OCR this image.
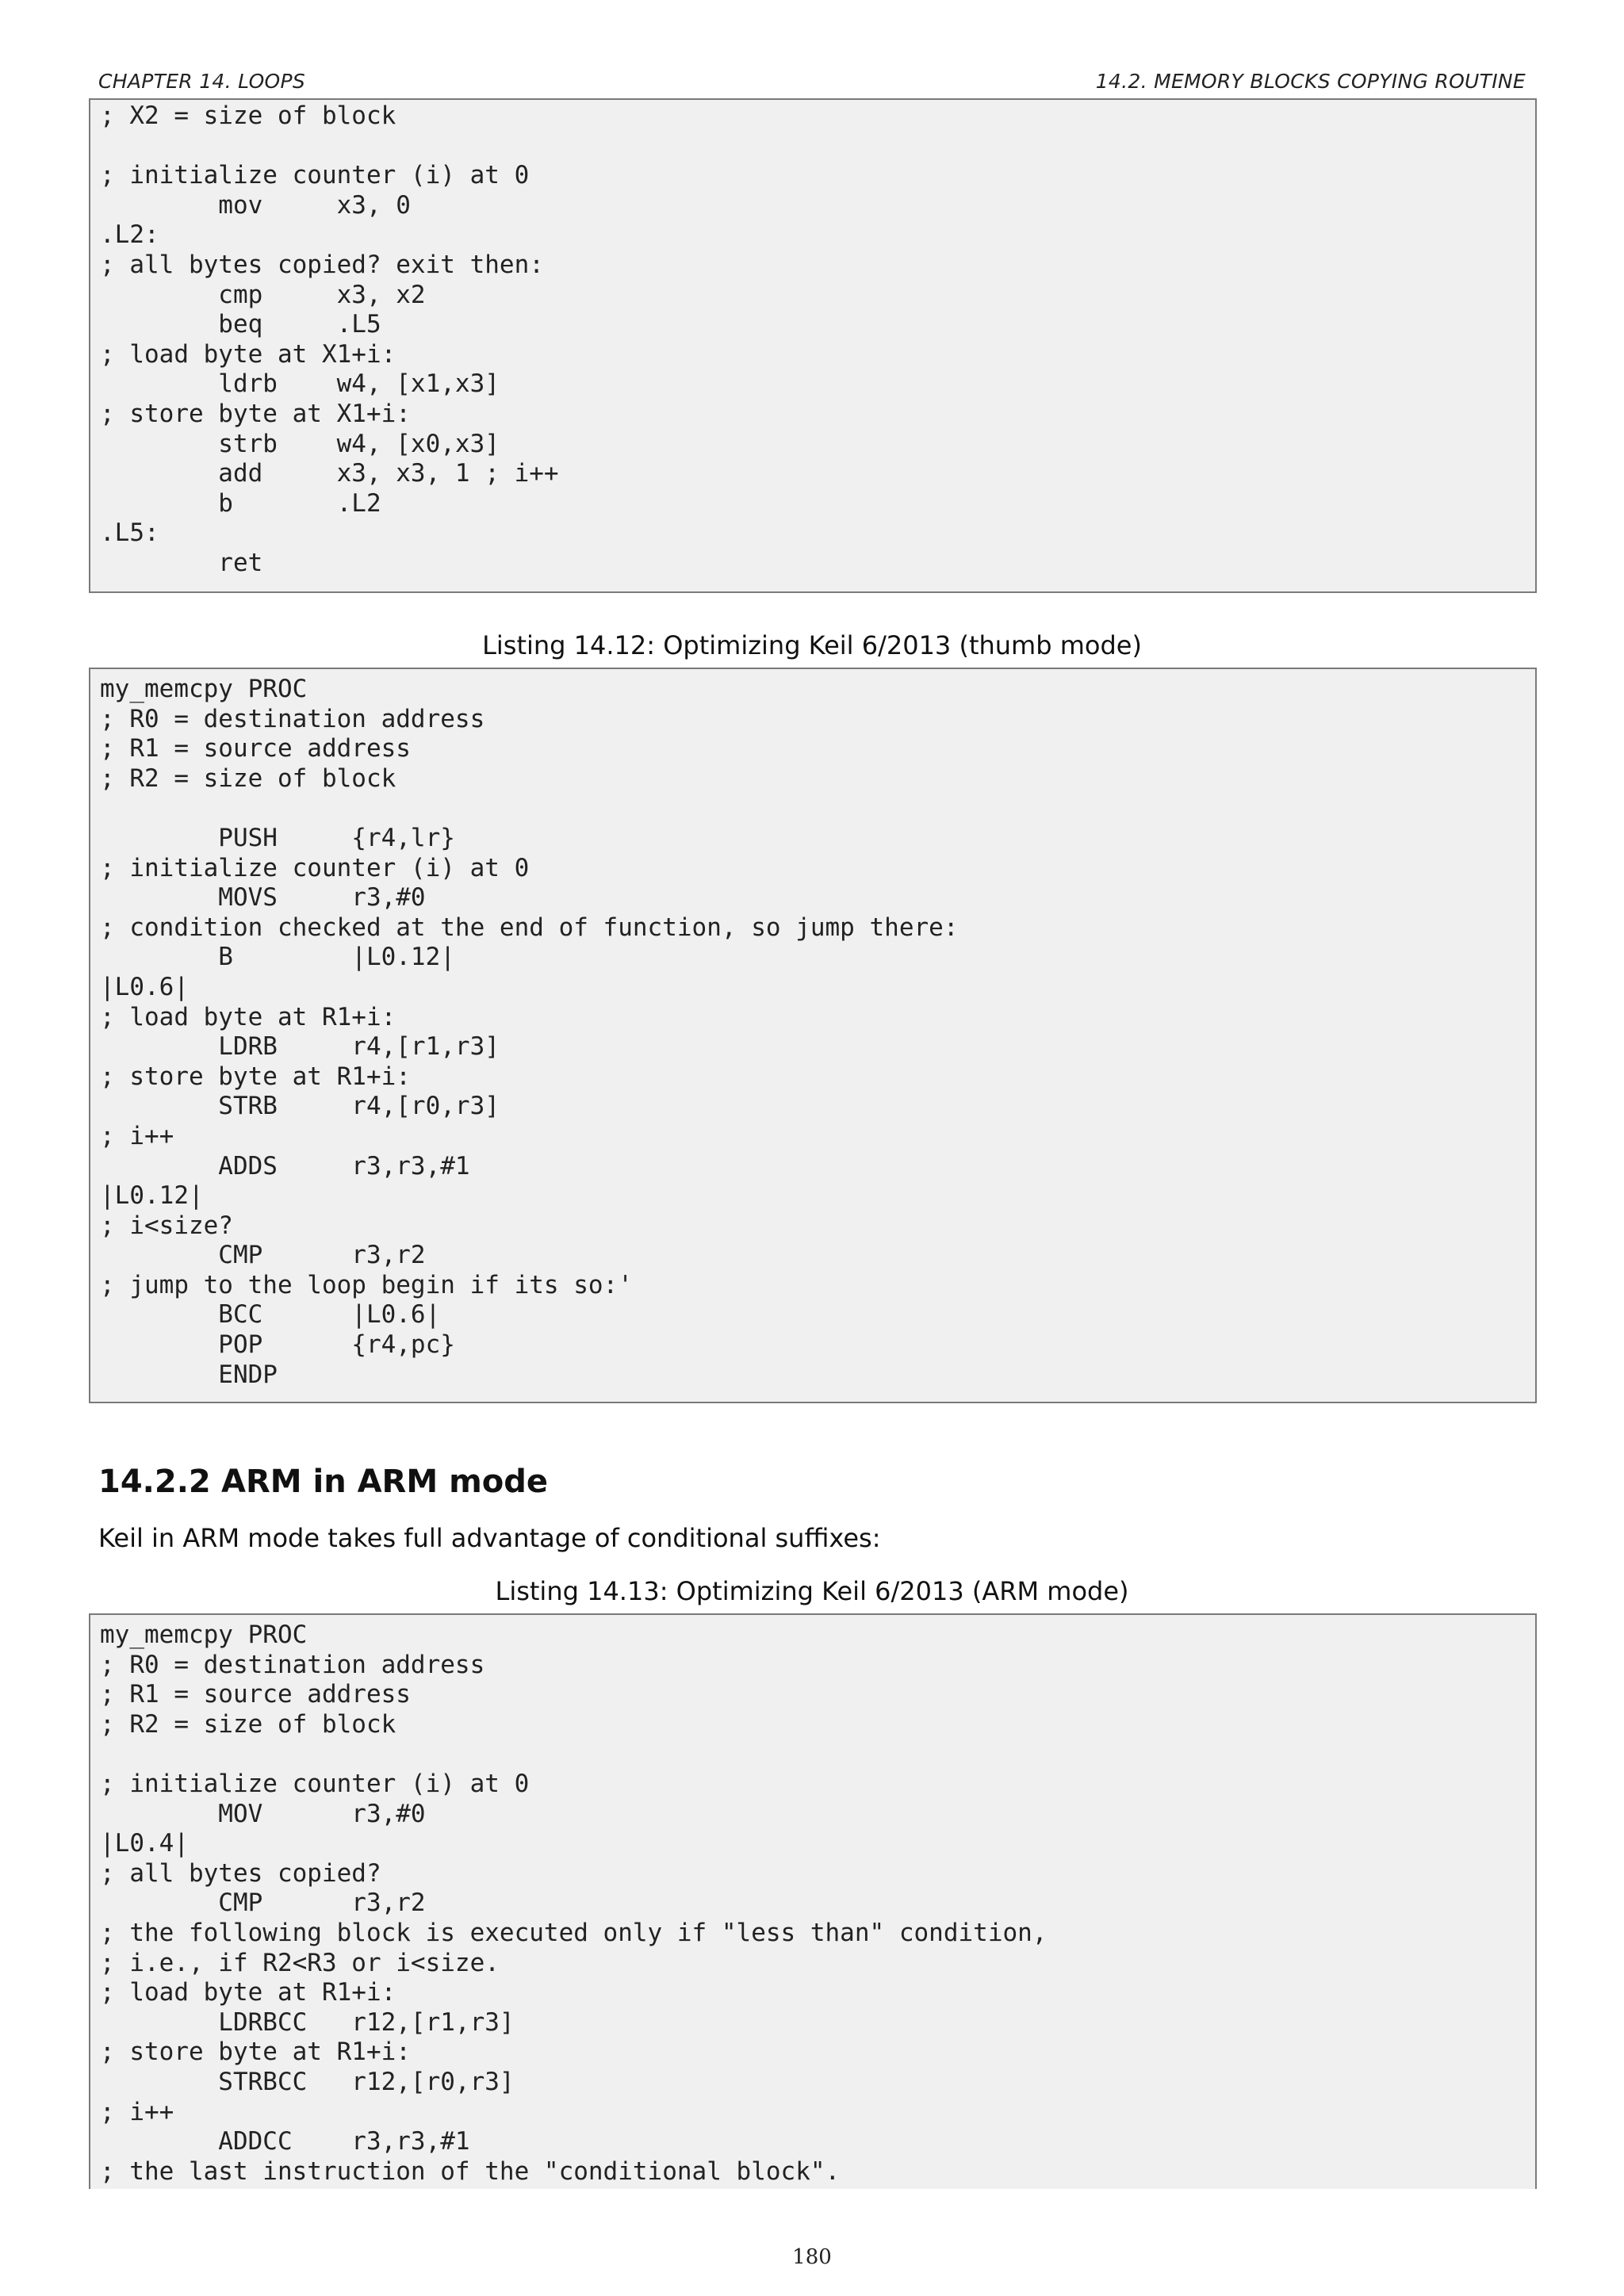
CHAPTER 14. LOOPS	14.2. MEMORY BLOCKS COPYING ROUTINE
; X2 = size of block

; initialize counter (i) at 0
mov     x3, 0
.L2:
; all bytes copied? exit then:
cmp     x3, x2
beq     .L5
; load byte at X1+i:
ldrb    w4, [x1,x3]
; store byte at X1+i:
strb    w4, [x0,x3]
add     x3, x3, 1 ; i++
b       .L2
.L5:
ret
Listing 14.12: Optimizing Keil 6/2013 (thumb mode)
my_memcpy PROC
; R0 = destination address
; R1 = source address
; R2 = size of block

PUSH     {r4,lr}
; initialize counter (i) at 0
MOVS     r3,#0
; condition checked at the end of function, so jump there:
B        |L0.12|
|L0.6|
; load byte at R1+i:
LDRB     r4,[r1,r3]
; store byte at R1+i:
STRB     r4,[r0,r3]
; i++
ADDS     r3,r3,#1
|L0.12|
; i<size?
CMP      r3,r2
; jump to the loop begin if its so:'
BCC      |L0.6|
POP      {r4,pc}
ENDP
14.2.2 ARM in ARM mode
Keil in ARM mode takes full advantage of conditional suffixes:
Listing 14.13: Optimizing Keil 6/2013 (ARM mode)
my_memcpy PROC
; R0 = destination address
; R1 = source address
; R2 = size of block

; initialize counter (i) at 0
MOV      r3,#0
|L0.4|
; all bytes copied?
CMP      r3,r2
; the following block is executed only if "less than" condition,
; i.e., if R2<R3 or i<size.
; load byte at R1+i:
LDRBCC   r12,[r1,r3]
; store byte at R1+i:
STRBCC   r12,[r0,r3]
; i++
ADDCC    r3,r3,#1
; the last instruction of the "conditional block".
180
